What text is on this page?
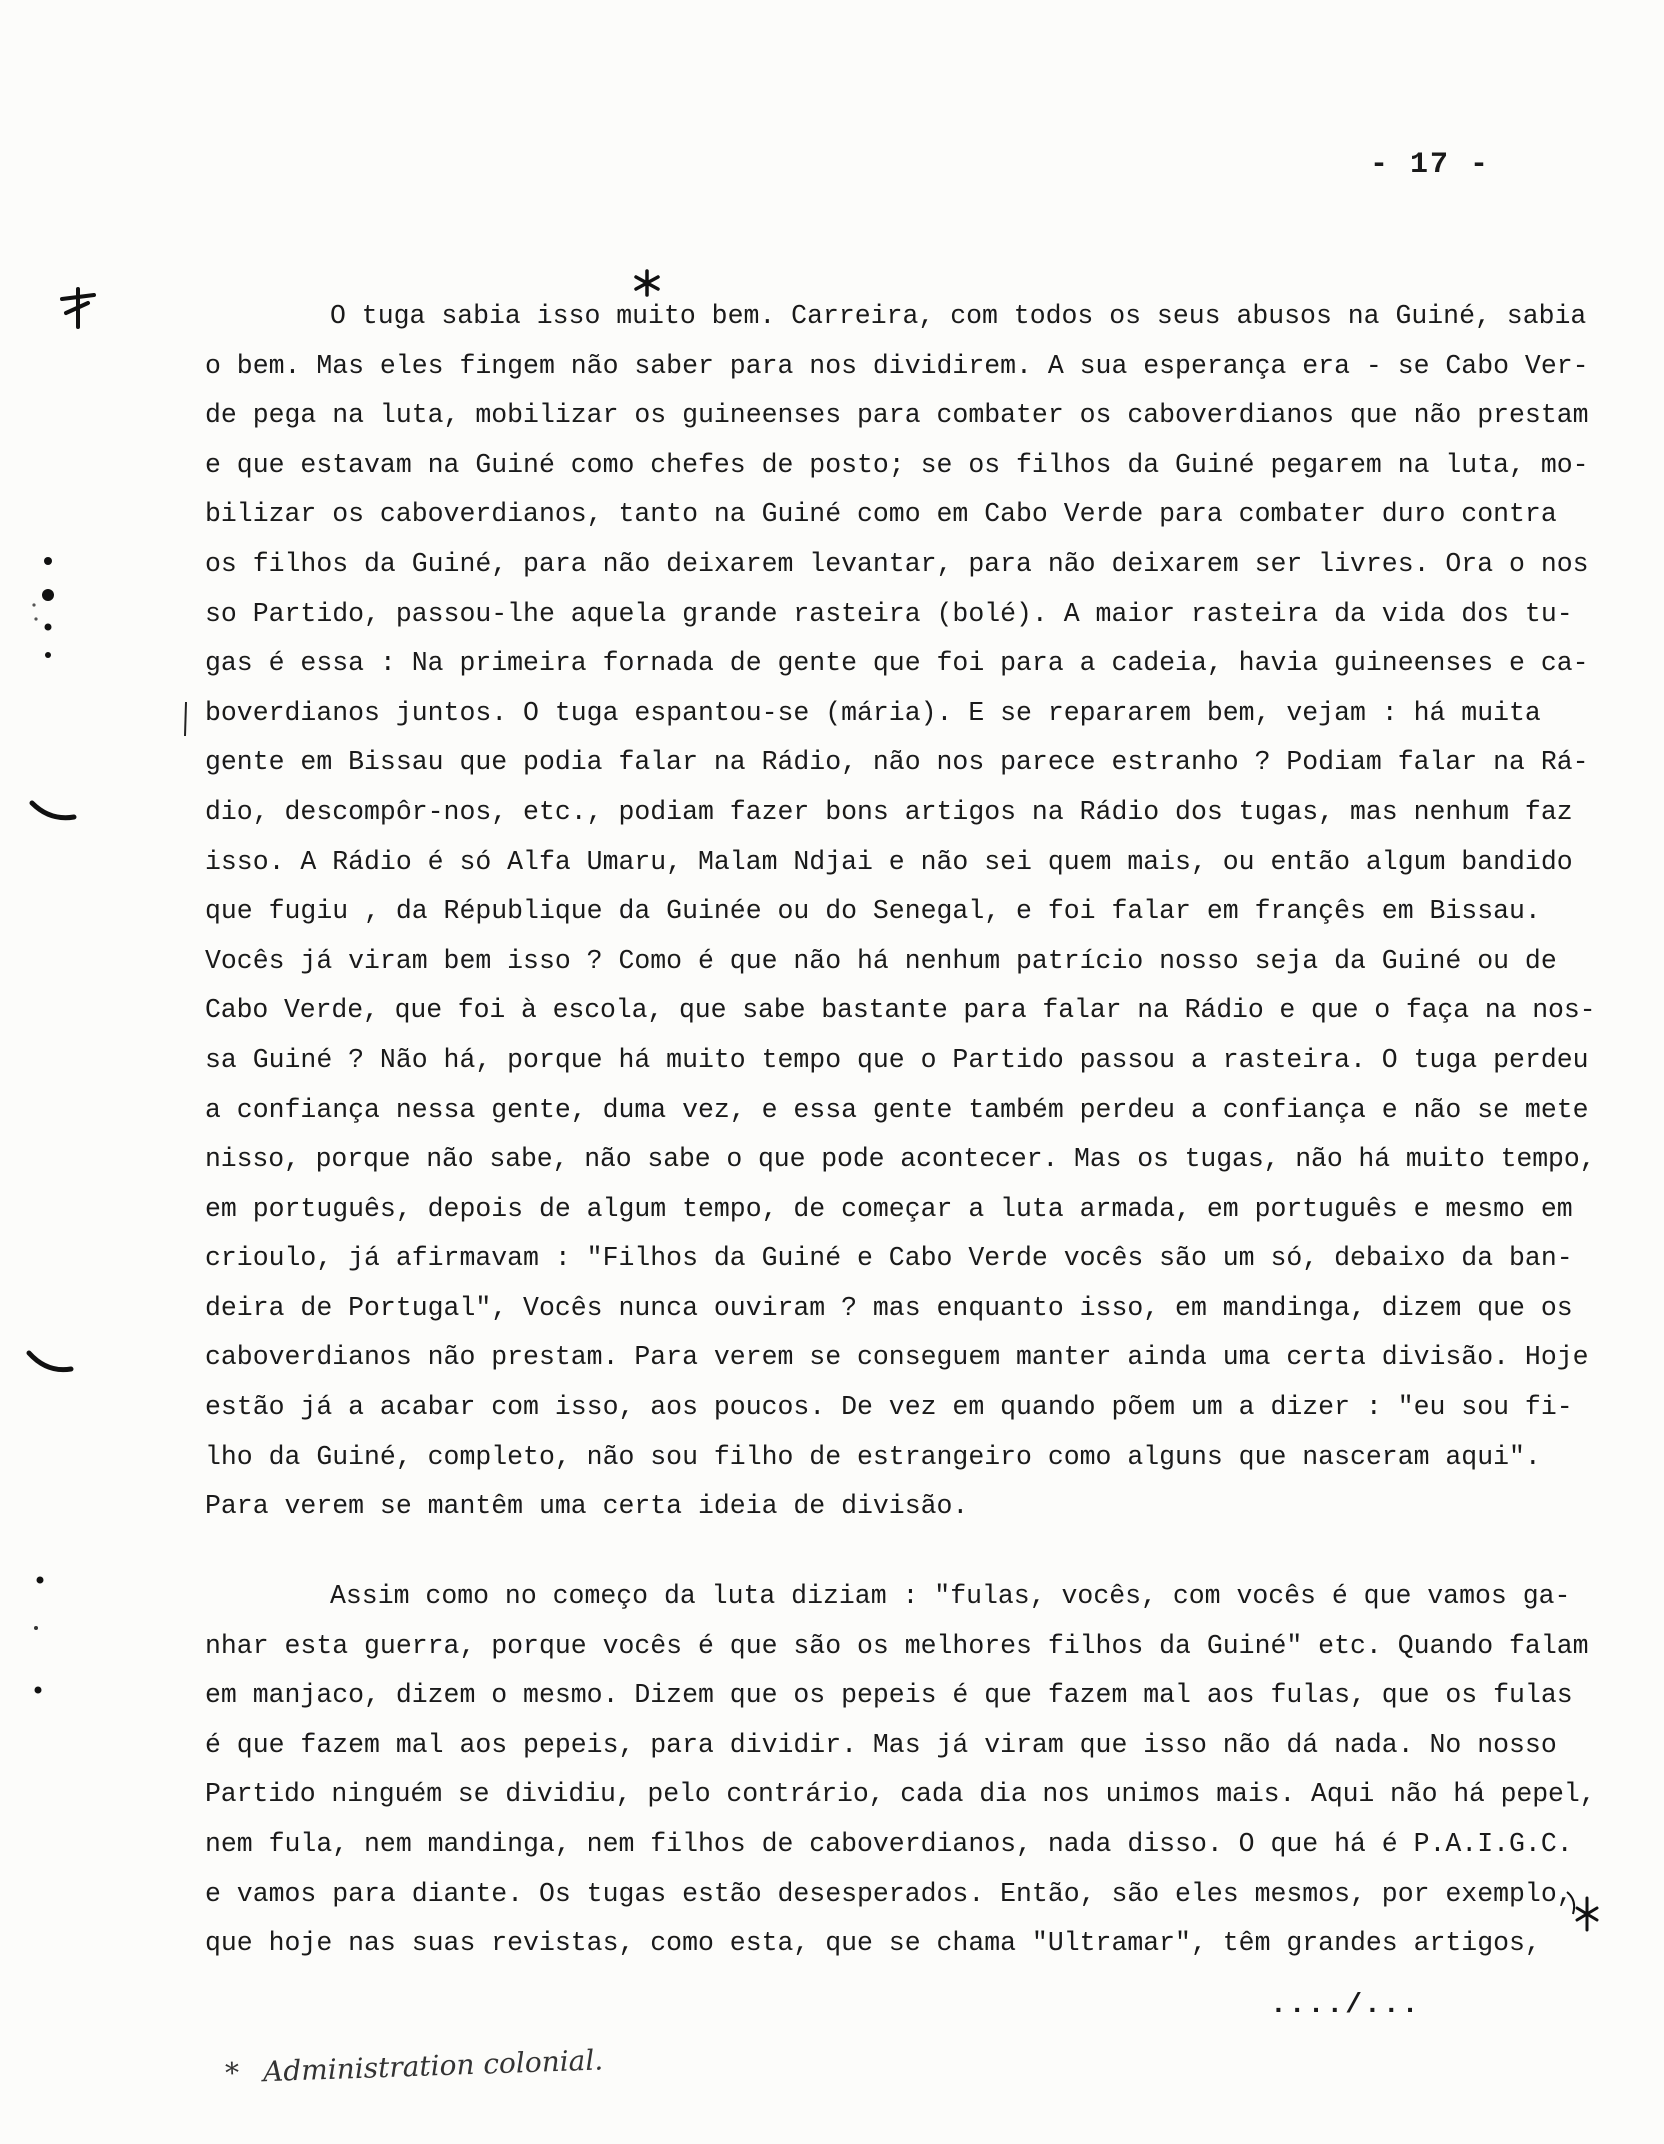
- 17 -

O tuga sabia isso muito bem. Carreira, com todos os seus abusos na Guiné, sabia
o bem. Mas eles fingem não saber para nos dividirem. A sua esperança era - se Cabo Ver-
de pega na luta, mobilizar os guineenses para combater os caboverdianos que não prestam
e que estavam na Guiné como chefes de posto; se os filhos da Guiné pegarem na luta, mo-
bilizar os caboverdianos, tanto na Guiné como em Cabo Verde para combater duro contra
os filhos da Guiné, para não deixarem levantar, para não deixarem ser livres. Ora o nos
so Partido, passou-lhe aquela grande rasteira (bolé). A maior rasteira da vida dos tu-
gas é essa : Na primeira fornada de gente que foi para a cadeia, havia guineenses e ca-
boverdianos juntos. O tuga espantou-se (mária). E se repararem bem, vejam : há muita
gente em Bissau que podia falar na Rádio, não nos parece estranho ? Podiam falar na Rá-
dio, descompôr-nos, etc., podiam fazer bons artigos na Rádio dos tugas, mas nenhum faz
isso. A Rádio é só Alfa Umaru, Malam Ndjai e não sei quem mais, ou então algum bandido
que fugiu , da République da Guinée ou do Senegal, e foi falar em françês em Bissau.
Vocês já viram bem isso ? Como é que não há nenhum patrício nosso seja da Guiné ou de
Cabo Verde, que foi à escola, que sabe bastante para falar na Rádio e que o faça na nos-
sa Guiné ? Não há, porque há muito tempo que o Partido passou a rasteira. O tuga perdeu
a confiança nessa gente, duma vez, e essa gente também perdeu a confiança e não se mete
nisso, porque não sabe, não sabe o que pode acontecer. Mas os tugas, não há muito tempo,
em português, depois de algum tempo, de começar a luta armada, em português e mesmo em
crioulo, já afirmavam : "Filhos da Guiné e Cabo Verde vocês são um só, debaixo da ban-
deira de Portugal", Vocês nunca ouviram ? mas enquanto isso, em mandinga, dizem que os
caboverdianos não prestam. Para verem se conseguem manter ainda uma certa divisão. Hoje
estão já a acabar com isso, aos poucos. De vez em quando põem um a dizer : "eu sou fi-
lho da Guiné, completo, não sou filho de estrangeiro como alguns que nasceram aqui".
Para verem se mantêm uma certa ideia de divisão.

Assim como no começo da luta diziam : "fulas, vocês, com vocês é que vamos ga-
nhar esta guerra, porque vocês é que são os melhores filhos da Guiné" etc. Quando falam
em manjaco, dizem o mesmo. Dizem que os pepeis é que fazem mal aos fulas, que os fulas
é que fazem mal aos pepeis, para dividir. Mas já viram que isso não dá nada. No nosso
Partido ninguém se dividiu, pelo contrário, cada dia nos unimos mais. Aqui não há pepel,
nem fula, nem mandinga, nem filhos de caboverdianos, nada disso. O que há é P.A.I.G.C.
e vamos para diante. Os tugas estão desesperados. Então, são eles mesmos, por exemplo,
que hoje nas suas revistas, como esta, que se chama "Ultramar", têm grandes artigos,

..../...
* Administration colonial.
